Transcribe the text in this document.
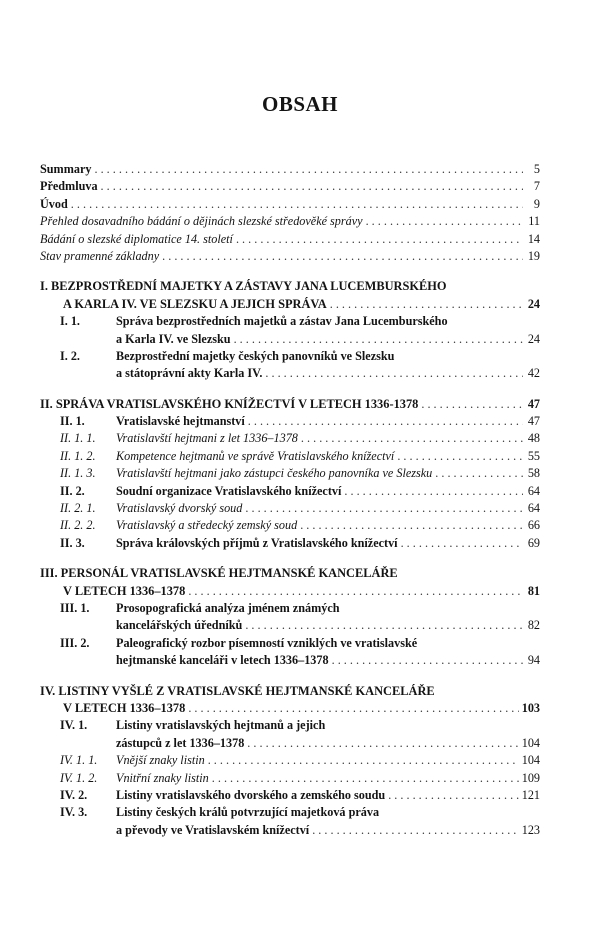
OBSAH
Summary . . .	5
Předmluva . . .	7
Úvod . . .	9
Přehled dosavadního bádání o dějinách slezské středověké správy . . .	11
Bádání o slezské diplomatice 14. století . . .	14
Stav pramenné základny . . .	19
I. BEZPROSTŘEDNÍ MAJETKY A ZÁSTAVY JANA LUCEMBURSKÉHO
A KARLA IV. VE SLEZSKU A JEJICH SPRÁVA . . .	24
I. 1.	Správa bezprostředních majetků a zástav Jana Lucemburského
a Karla IV. ve Slezsku . . .	24
I. 2.	Bezprostřední majetky českých panovníků ve Slezsku
a státoprávní akty Karla IV. . . .	42
II. SPRÁVA VRATISLAVSKÉHO KNÍŽECTVÍ V LETECH 1336-1378 . . .	47
II. 1.	Vratislavské hejtmanství . . .	47
II. 1. 1. Vratislavští hejtmani z let 1336–1378 . . .	48
II. 1. 2. Kompetence hejtmanů ve správě Vratislavského knížectví . . .	55
II. 1. 3. Vratislavští hejtmani jako zástupci českého panovníka ve Slezsku . . .	58
II. 2.	Soudní organizace Vratislavského knížectví . . .	64
II. 2. 1. Vratislavský dvorský soud . . .	64
II. 2. 2. Vratislavský a středecký zemský soud . . .	66
II. 3.	Správa královských příjmů z Vratislavského knížectví . . .	69
III. PERSONÁL VRATISLAVSKÉ HEJTMANSKÉ KANCELÁŘE
V LETECH 1336–1378 . . .	81
III. 1. Prosopografická analýza jménem známých
kancelářských úředníků . . .	82
III. 2. Paleografický rozbor písemností vzniklých ve vratislavské
hejtmanské kanceláři v letech 1336–1378 . . .	94
IV. LISTINY VYŠLÉ Z VRATISLAVSKÉ HEJTMANSKÉ KANCELÁŘE
V LETECH 1336–1378 . . .	103
IV. 1. Listiny vratislavských hejtmanů a jejich
zástupců z let 1336–1378 . . .	104
IV. 1. 1. Vnější znaky listin . . .	104
IV. 1. 2. Vnitřní znaky listin . . .	109
IV. 2. Listiny vratislavského dvorského a zemského soudu . . .	121
IV. 3. Listiny českých králů potvrzující majetková práva
a převody ve Vratislavském knížectví . . .	123
